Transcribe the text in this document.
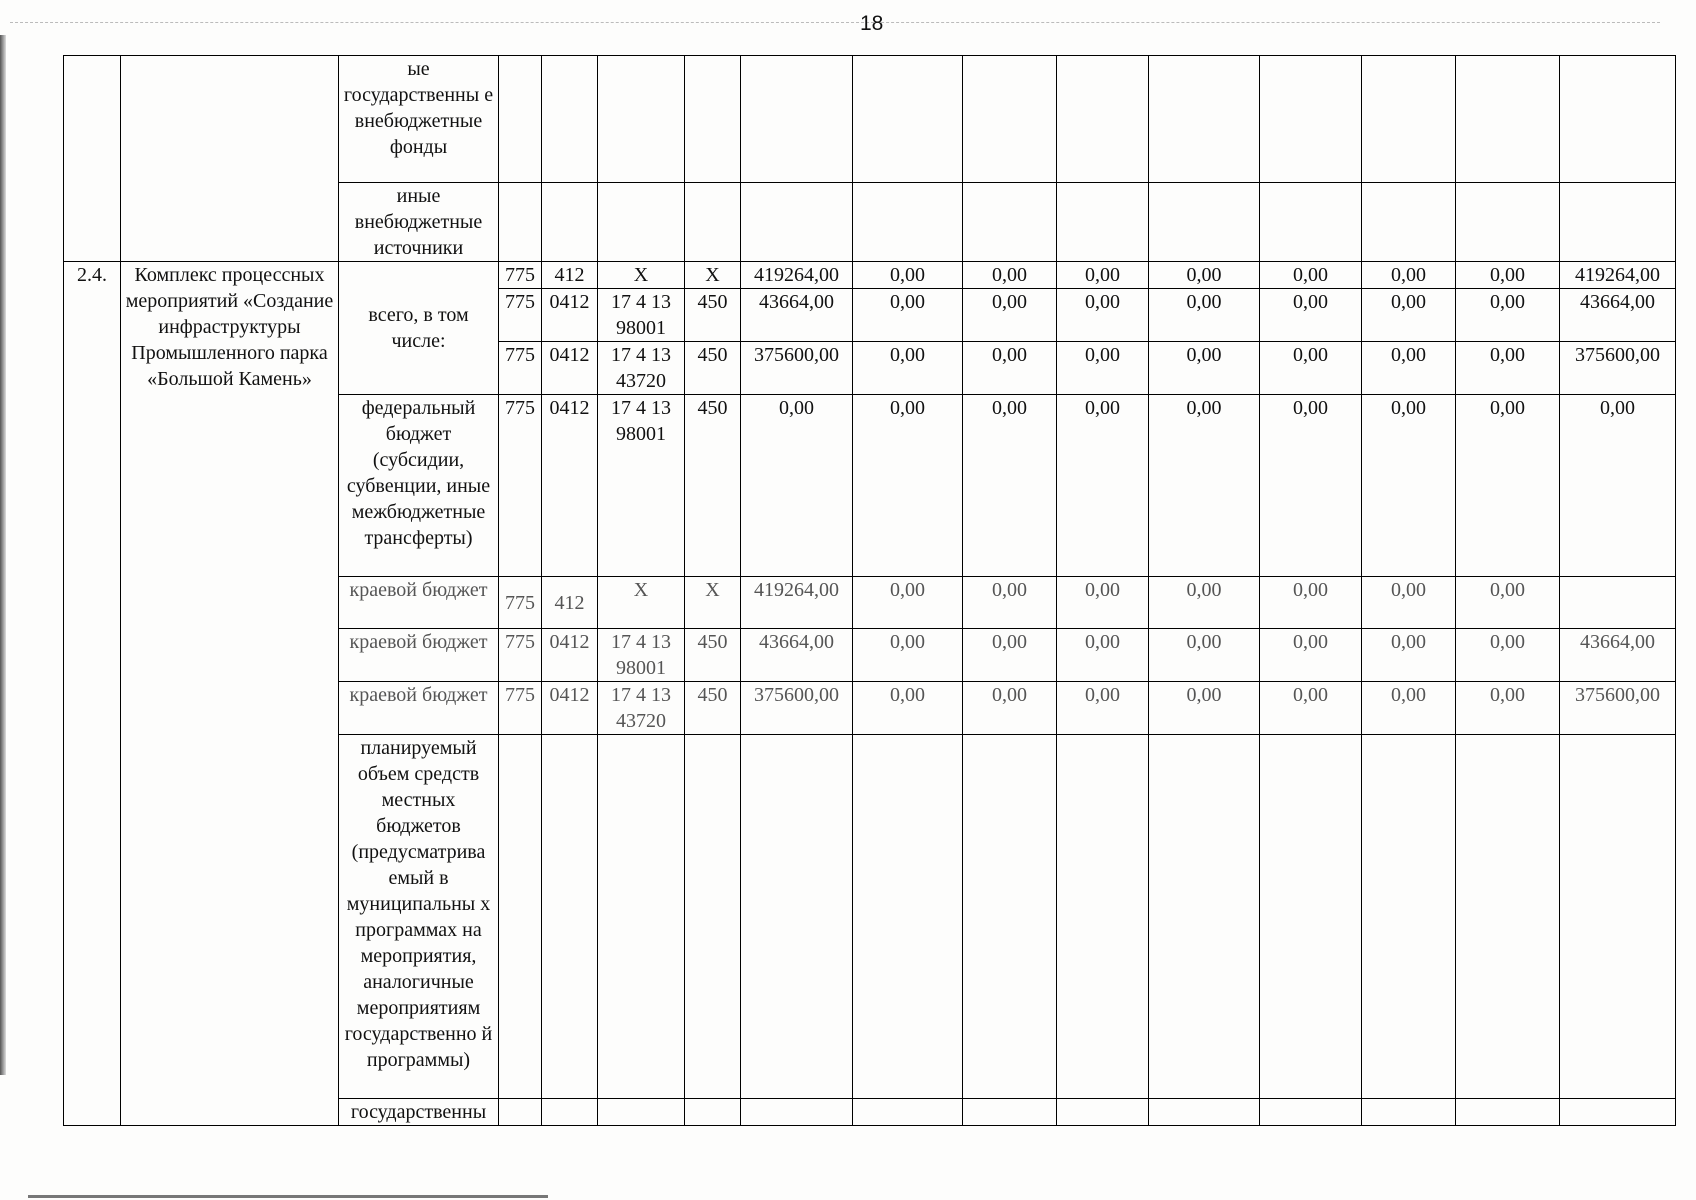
18
		ые государственны е внебюджетные фонды													
		иные внебюджетные источники													
2.4.	Комплекс процессных мероприятий «Создание инфраструктуры Промышленного парка «Большой Камень»	всего, в том числе:	775	412	Х	Х	419264,00	0,00	0,00	0,00	0,00	0,00	0,00	0,00	419264,00
			775	0412	17 4 13 98001	450	43664,00	0,00	0,00	0,00	0,00	0,00	0,00	0,00	43664,00
			775	0412	17 4 13 43720	450	375600,00	0,00	0,00	0,00	0,00	0,00	0,00	0,00	375600,00
		федеральный бюджет (субсидии, субвенции, иные межбюджетные трансферты)	775	0412	17 4 13 98001	450	0,00	0,00	0,00	0,00	0,00	0,00	0,00	0,00	0,00
		краевой бюджет	775	412	Х	Х	419264,00	0,00	0,00	0,00	0,00	0,00	0,00	0,00	
		краевой бюджет	775	0412	17 4 13 98001	450	43664,00	0,00	0,00	0,00	0,00	0,00	0,00	0,00	43664,00
		краевой бюджет	775	0412	17 4 13 43720	450	375600,00	0,00	0,00	0,00	0,00	0,00	0,00	0,00	375600,00
		планируемый объем средств местных бюджетов (предусматрива емый в муниципальны х программах на мероприятия, аналогичные мероприятиям государственно й программы)													
		государственны													
